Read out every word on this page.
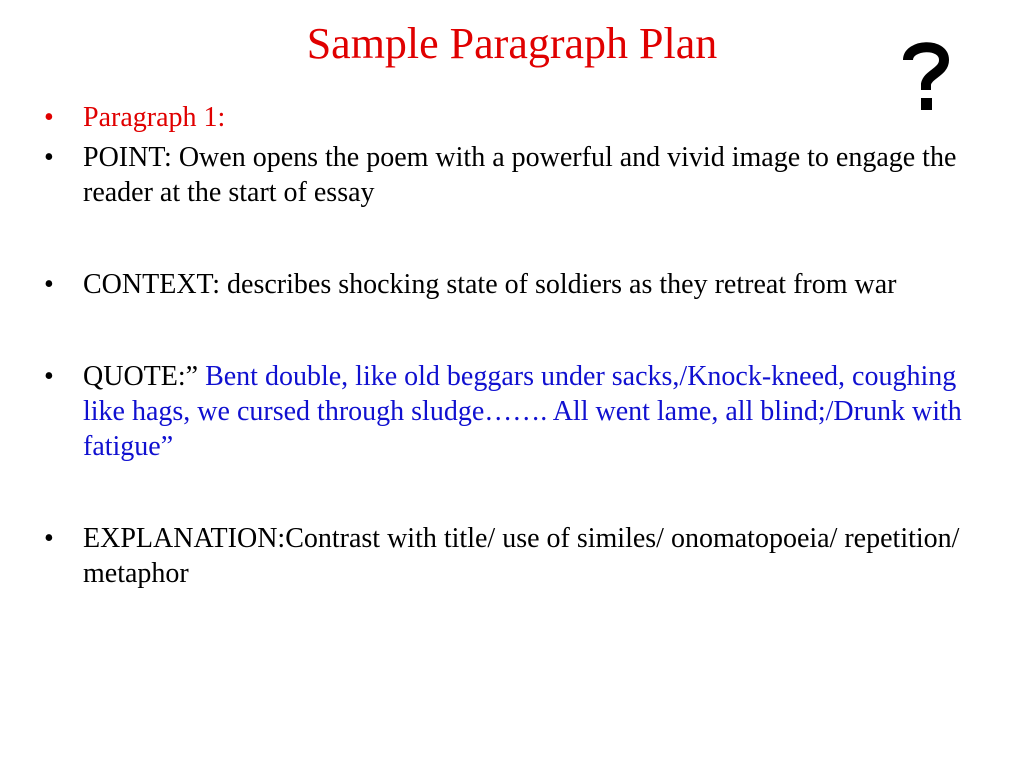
Sample Paragraph Plan
• Paragraph 1:
• POINT: Owen opens the poem with a powerful and vivid image to engage the reader at the start of essay
• CONTEXT: describes shocking state of soldiers as they retreat from war
• QUOTE:” Bent double, like old beggars under sacks,/Knock-kneed, coughing like hags, we cursed through sludge……. All went lame, all blind;/Drunk with fatigue”
• EXPLANATION:Contrast with title/ use of similes/ onomatopoeia/ repetition/ metaphor
